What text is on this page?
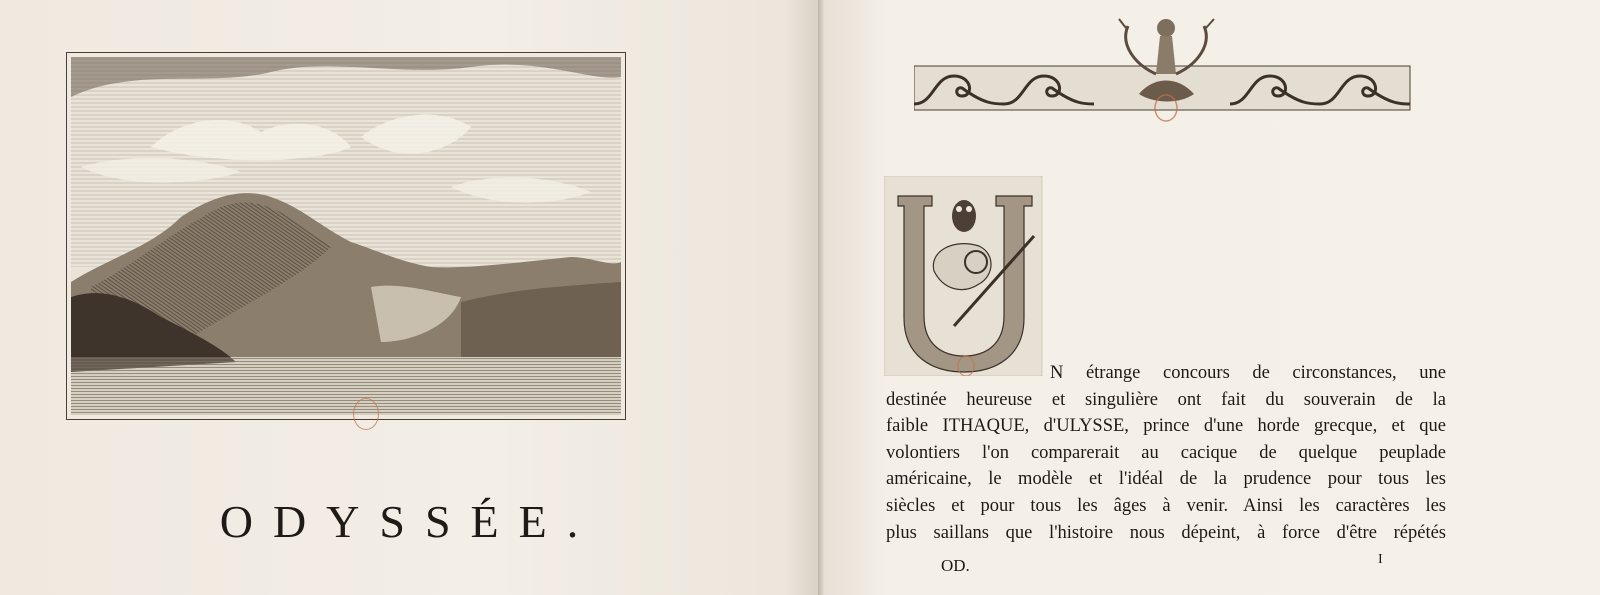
ODYSSÉE.
N étrange concours de circonstances, une
destinée heureuse et singulière ont fait du souverain de la
faible ITHAQUE, d'ULYSSE, prince d'une horde grecque, et que
volontiers l'on comparerait au cacique de quelque peuplade
américaine, le modèle et l'idéal de la prudence pour tous les
siècles et pour tous les âges à venir. Ainsi les caractères les
plus saillans que l'histoire nous dépeint, à force d'être répétés
OD.	I
